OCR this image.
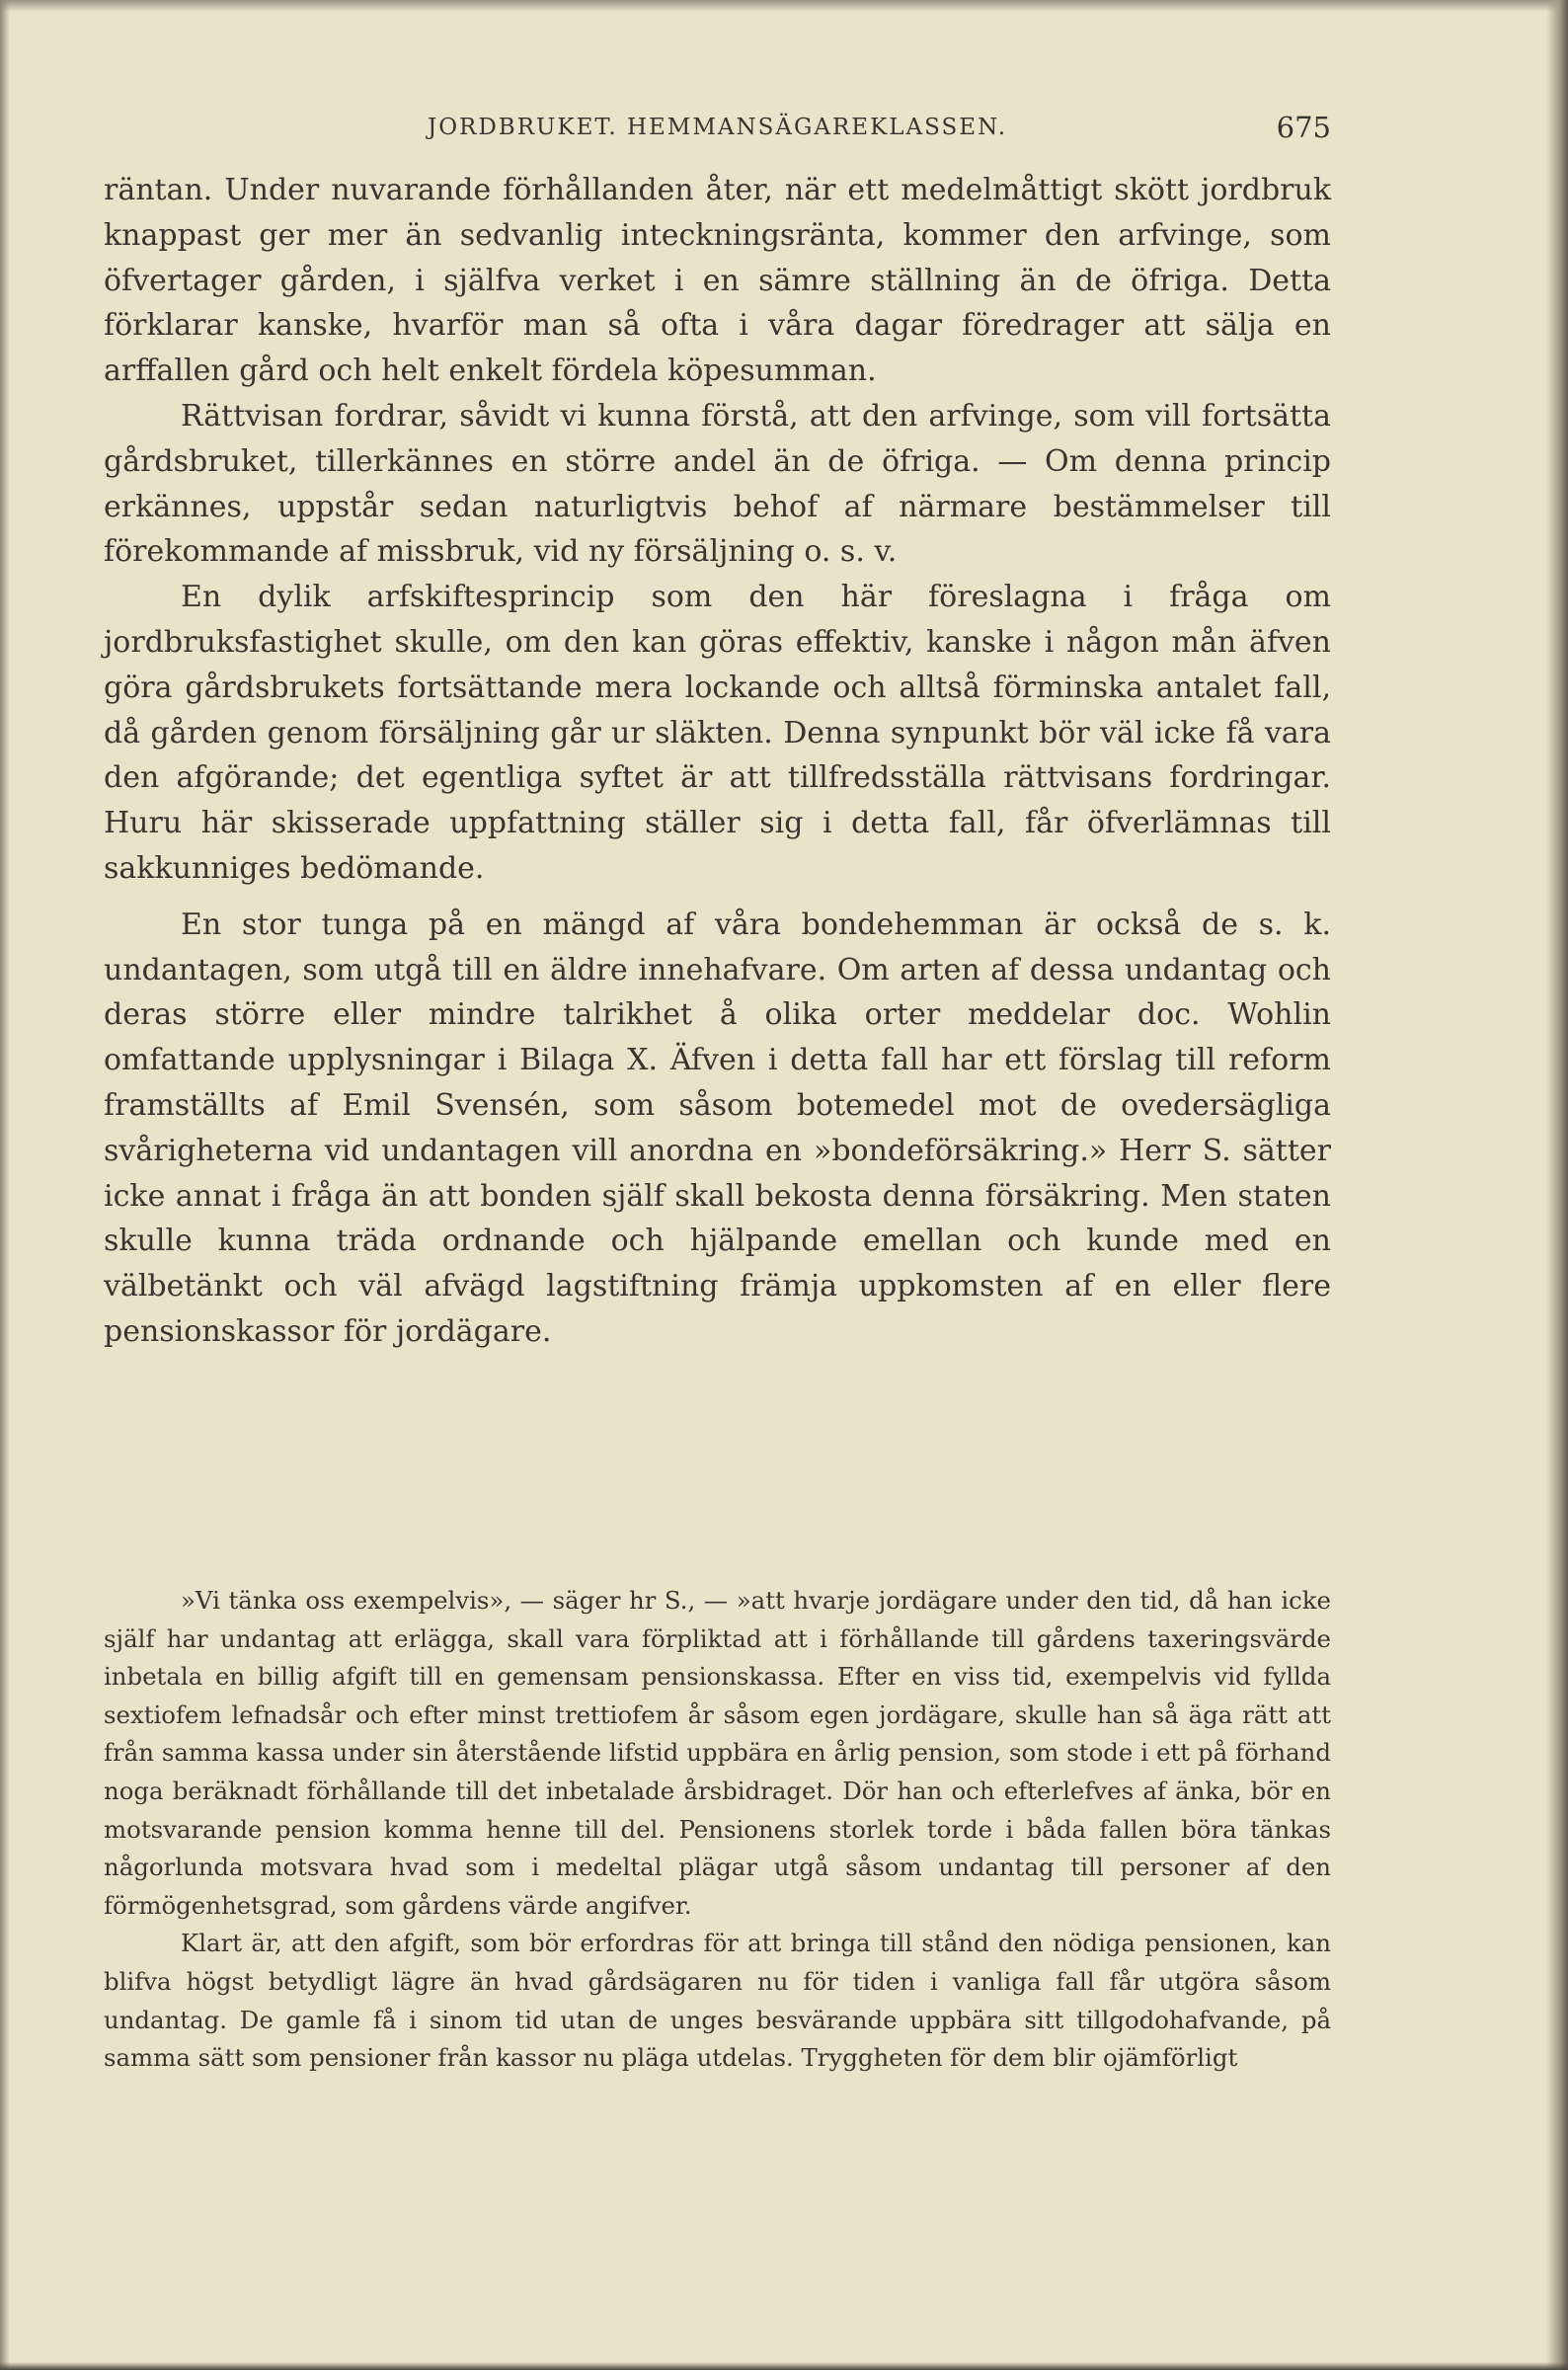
JORDBRUKET. HEMMANSÄGAREKLASSEN.	675

räntan. Under nuvarande förhållanden åter, när ett medelmåttigt skött jordbruk knappast ger mer än sedvanlig inteckningsränta, kommer den arfvinge, som öfvertager gården, i själfva verket i en sämre ställning än de öfriga. Detta förklarar kanske, hvarför man så ofta i våra dagar föredrager att sälja en arffallen gård och helt enkelt fördela köpesumman.

Rättvisan fordrar, såvidt vi kunna förstå, att den arfvinge, som vill fortsätta gårdsbruket, tillerkännes en större andel än de öfriga. — Om denna princip erkännes, uppstår sedan naturligtvis behof af närmare bestämmelser till förekommande af missbruk, vid ny försäljning o. s. v.

En dylik arfskiftesprincip som den här föreslagna i fråga om jordbruksfastighet skulle, om den kan göras effektiv, kanske i någon mån äfven göra gårdsbrukets fortsättande mera lockande och alltså förminska antalet fall, då gården genom försäljning går ur släkten. Denna synpunkt bör väl icke få vara den afgörande; det egentliga syftet är att tillfredsställa rättvisans fordringar. Huru här skisserade uppfattning ställer sig i detta fall, får öfverlämnas till sakkunniges bedömande.

En stor tunga på en mängd af våra bondehemman är också de s. k. undantagen, som utgå till en äldre innehafvare. Om arten af dessa undantag och deras större eller mindre talrikhet å olika orter meddelar doc. Wohlin omfattande upplysningar i Bilaga X. Äfven i detta fall har ett förslag till reform framställts af Emil Svensén, som såsom botemedel mot de ovedersägliga svårigheterna vid undantagen vill anordna en »bondeförsäkring.» Herr S. sätter icke annat i fråga än att bonden själf skall bekosta denna försäkring. Men staten skulle kunna träda ordnande och hjälpande emellan och kunde med en välbetänkt och väl afvägd lagstiftning främja uppkomsten af en eller flere pensionskassor för jordägare.

»Vi tänka oss exempelvis», — säger hr S., — »att hvarje jordägare under den tid, då han icke själf har undantag att erlägga, skall vara förpliktad att i förhållande till gårdens taxeringsvärde inbetala en billig afgift till en gemensam pensionskassa. Efter en viss tid, exempelvis vid fyllda sextiofem lefnadsår och efter minst trettiofem år såsom egen jordägare, skulle han så äga rätt att från samma kassa under sin återstående lifstid uppbära en årlig pension, som stode i ett på förhand noga beräknadt förhållande till det inbetalade årsbidraget. Dör han och efterlefves af änka, bör en motsvarande pension komma henne till del. Pensionens storlek torde i båda fallen böra tänkas någorlunda motsvara hvad som i medeltal plägar utgå såsom undantag till personer af den förmögenhetsgrad, som gårdens värde angifver.

Klart är, att den afgift, som bör erfordras för att bringa till stånd den nödiga pensionen, kan blifva högst betydligt lägre än hvad gårdsägaren nu för tiden i vanliga fall får utgöra såsom undantag. De gamle få i sinom tid utan de unges besvärande uppbära sitt tillgodohafvande, på samma sätt som pensioner från kassor nu pläga utdelas. Tryggheten för dem blir ojämförligt
